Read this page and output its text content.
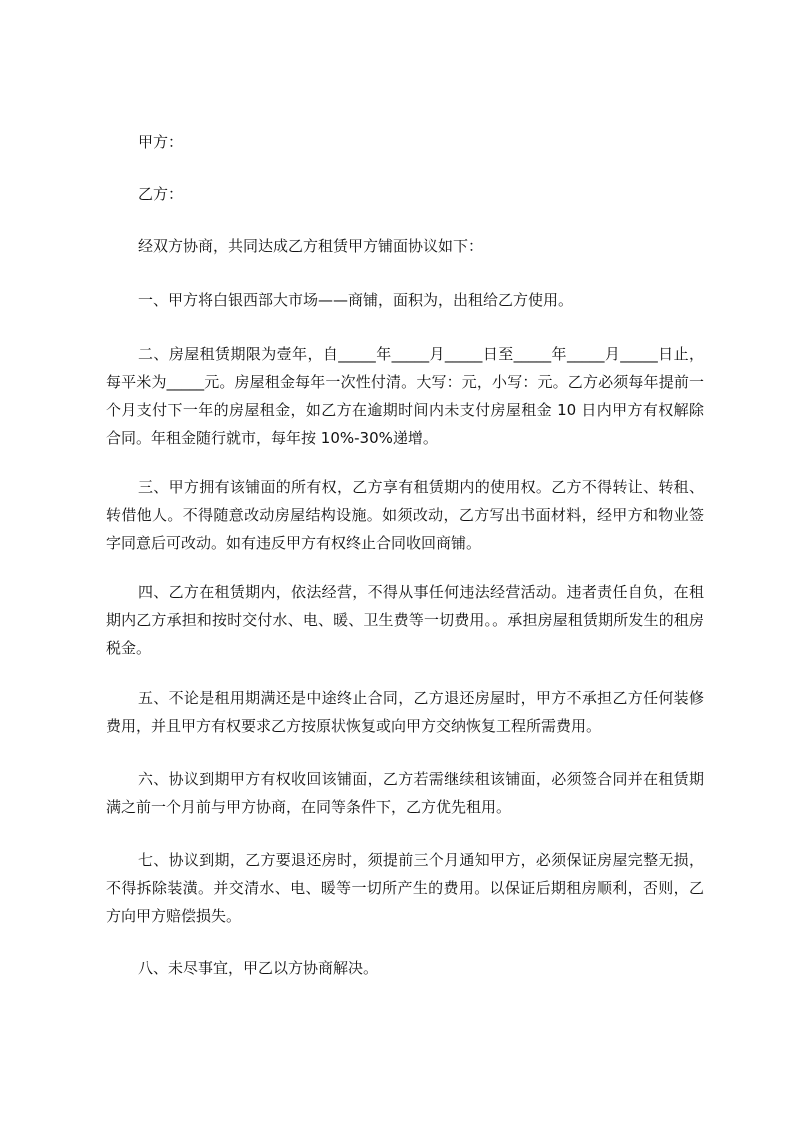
甲方：

乙方：

经双方协商，共同达成乙方租赁甲方铺面协议如下：

一、甲方将白银西部大市场——商铺，面积为，出租给乙方使用。

二、房屋租赁期限为壹年，自_____年_____月_____日至_____年_____月_____日止，每平米为_____元。房屋租金每年一次性付清。大写：元，小写：元。乙方必须每年提前一个月支付下一年的房屋租金，如乙方在逾期时间内未支付房屋租金 10 日内甲方有权解除合同。年租金随行就市，每年按 10%-30%递增。

三、甲方拥有该铺面的所有权，乙方享有租赁期内的使用权。乙方不得转让、转租、转借他人。不得随意改动房屋结构设施。如须改动，乙方写出书面材料，经甲方和物业签字同意后可改动。如有违反甲方有权终止合同收回商铺。

四、乙方在租赁期内，依法经营，不得从事任何违法经营活动。违者责任自负，在租期内乙方承担和按时交付水、电、暖、卫生费等一切费用。。承担房屋租赁期所发生的租房税金。

五、不论是租用期满还是中途终止合同，乙方退还房屋时，甲方不承担乙方任何装修费用，并且甲方有权要求乙方按原状恢复或向甲方交纳恢复工程所需费用。

六、协议到期甲方有权收回该铺面，乙方若需继续租该铺面，必须签合同并在租赁期满之前一个月前与甲方协商，在同等条件下，乙方优先租用。

七、协议到期，乙方要退还房时，须提前三个月通知甲方，必须保证房屋完整无损，不得拆除装潢。并交清水、电、暖等一切所产生的费用。以保证后期租房顺利，否则，乙方向甲方赔偿损失。

八、未尽事宜，甲乙以方协商解决。
